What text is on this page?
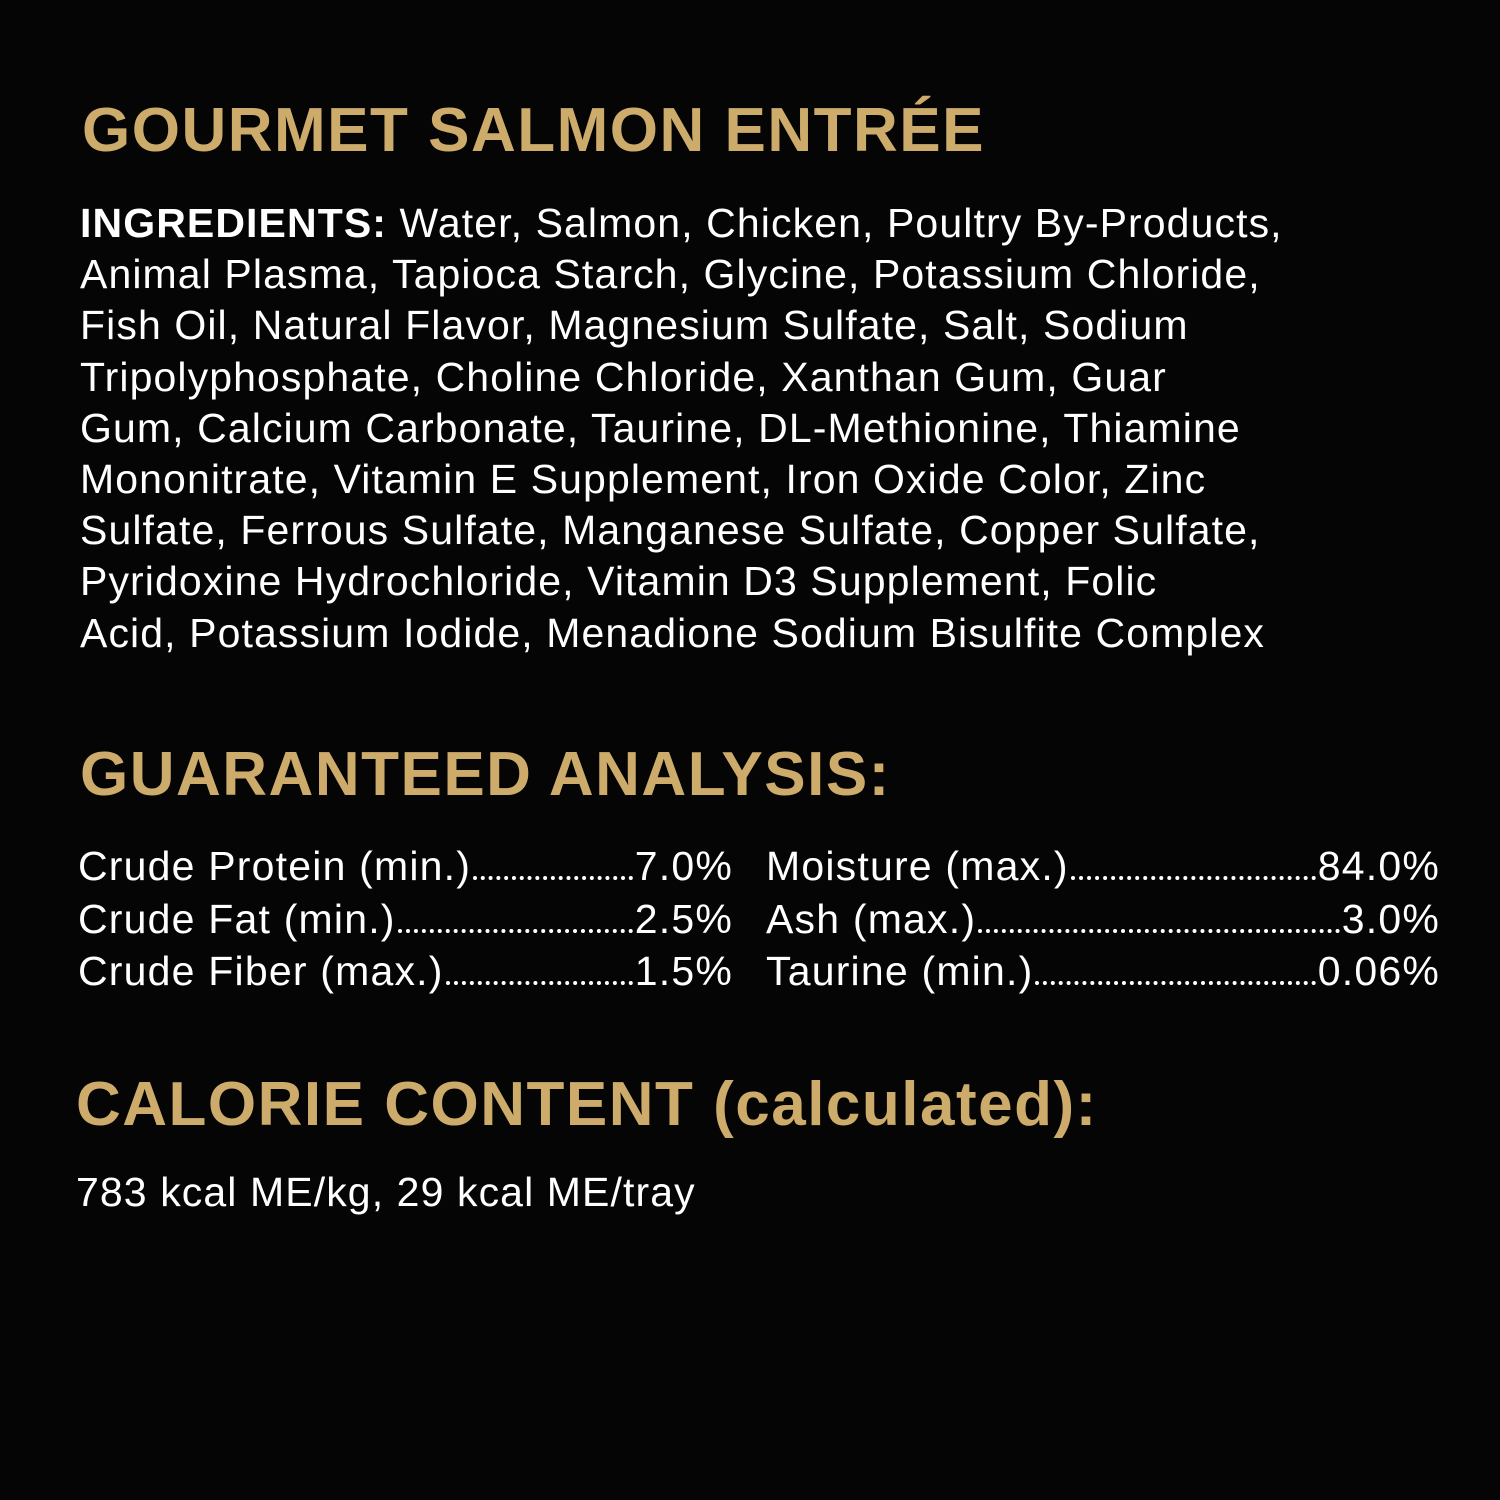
GOURMET SALMON ENTRÉE
INGREDIENTS: Water, Salmon, Chicken, Poultry By-Products,
Animal Plasma, Tapioca Starch, Glycine, Potassium Chloride,
Fish Oil, Natural Flavor, Magnesium Sulfate, Salt, Sodium
Tripolyphosphate, Choline Chloride, Xanthan Gum, Guar
Gum, Calcium Carbonate, Taurine, DL-Methionine, Thiamine
Mononitrate, Vitamin E Supplement, Iron Oxide Color, Zinc
Sulfate, Ferrous Sulfate, Manganese Sulfate, Copper Sulfate,
Pyridoxine Hydrochloride, Vitamin D3 Supplement, Folic
Acid, Potassium Iodide, Menadione Sodium Bisulfite Complex
GUARANTEED ANALYSIS:
Crude Protein (min.)	7.0%
Crude Fat (min.)	2.5%
Crude Fiber (max.)	1.5%
Moisture (max.)	84.0%
Ash (max.)	3.0%
Taurine (min.)	0.06%
CALORIE CONTENT (calculated):
783 kcal ME/kg, 29 kcal ME/tray
